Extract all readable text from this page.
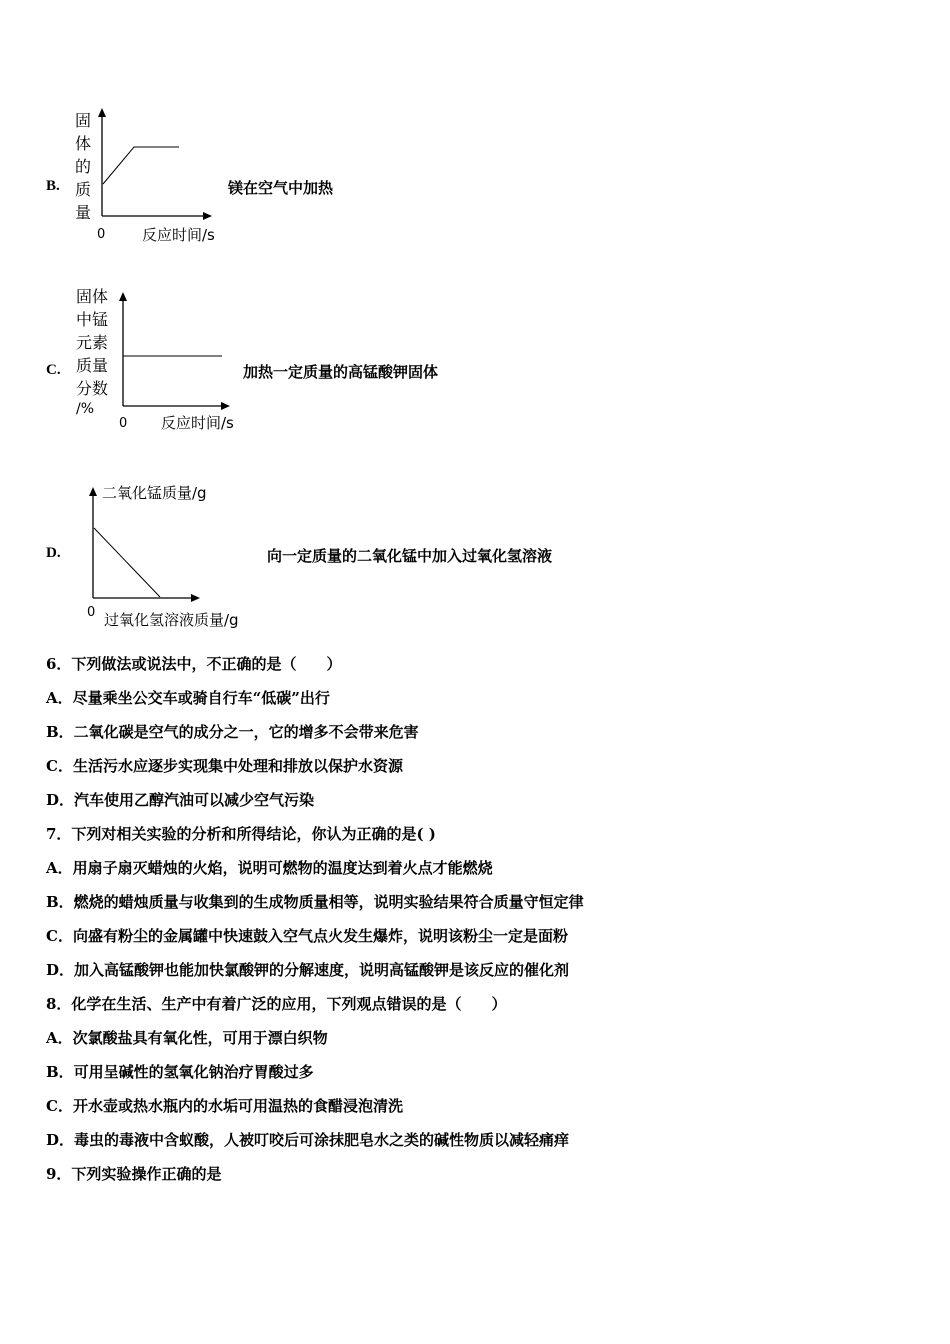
B.
固
体
的
质
量
0 反应时间/s
镁在空气中加热
C.
固体
中锰
元素
质量
分数
/%
0 反应时间/s
加热一定质量的高锰酸钾固体
D.
二氧化锰质量/g
0 过氧化氢溶液质量/g
向一定质量的二氧化锰中加入过氧化氢溶液
6．下列做法或说法中，不正确的是（　　）
A．尽量乘坐公交车或骑自行车“低碳”出行
B．二氧化碳是空气的成分之一，它的增多不会带来危害
C．生活污水应逐步实现集中处理和排放以保护水资源
D．汽车使用乙醇汽油可以减少空气污染
7．下列对相关实验的分析和所得结论，你认为正确的是( )
A．用扇子扇灭蜡烛的火焰，说明可燃物的温度达到着火点才能燃烧
B．燃烧的蜡烛质量与收集到的生成物质量相等，说明实验结果符合质量守恒定律
C．向盛有粉尘的金属罐中快速鼓入空气点火发生爆炸，说明该粉尘一定是面粉
D．加入高锰酸钾也能加快氯酸钾的分解速度，说明高锰酸钾是该反应的催化剂
8．化学在生活、生产中有着广泛的应用，下列观点错误的是（　　）
A．次氯酸盐具有氧化性，可用于漂白织物
B．可用呈碱性的氢氧化钠治疗胃酸过多
C．开水壶或热水瓶内的水垢可用温热的食醋浸泡清洗
D．毒虫的毒液中含蚁酸，人被叮咬后可涂抹肥皂水之类的碱性物质以减轻痛痒
9．下列实验操作正确的是
